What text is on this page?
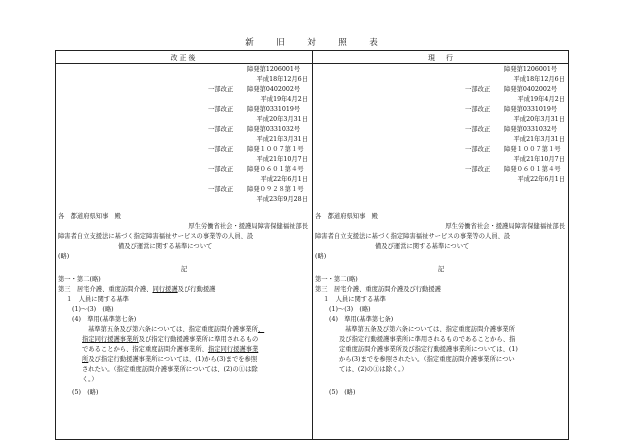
新　旧　対　照　表
改正後	現　行
障発第1206001号
平成18年12月6日
一部改正 障発第0402002号
平成19年4月2日
一部改正 障発第0331019号
平成20年3月31日
一部改正 障発第0331032号
平成21年3月31日
一部改正 障発１００７第１号
平成21年10月7日
一部改正 障発０６０１第４号
平成22年6月1日
一部改正 障発０９２８第１号
平成23年9月28日
各　都道府県知事　殿
厚生労働省社会・援護局障害保健福祉部長
障害者自立支援法に基づく指定障害福祉サービスの事業等の人員、設
備及び運営に関する基準について
(略)
記
第一・第二(略)
第三　居宅介護、重度訪問介護、同行援護及び行動援護
１　人員に関する基準
(1)～(3)　(略)
(4)　準用(基準第七条)
基準第五条及び第六条については、指定重度訪問介護事業所、
指定同行援護事業所及び指定行動援護事業所に準用されるもの
であることから、指定重度訪問介護事業所、指定同行援護事業
所及び指定行動援護事業所については、(1)から(3)までを参照
されたい。（指定重度訪問介護事業所については、(2)の①は除
く。）
(5)　(略)
障発第1206001号
平成18年12月6日
一部改正 障発第0402002号
平成19年4月2日
一部改正 障発第0331019号
平成20年3月31日
一部改正 障発第0331032号
平成21年3月31日
一部改正 障発１００７第１号
平成21年10月7日
一部改正 障発０６０１第４号
平成22年6月1日
各　都道府県知事　殿
厚生労働省社会・援護局障害保健福祉部長
障害者自立支援法に基づく指定障害福祉サービスの事業等の人員、設
備及び運営に関する基準について
(略)
記
第一・第二(略)
第三　居宅介護、重度訪問介護及び行動援護
１　人員に関する基準
(1)～(3)　(略)
(4)　準用(基準第七条)
基準第五条及び第六条については、指定重度訪問介護事業所
及び指定行動援護事業所に準用されるものであることから、指
定重度訪問介護事業所及び指定行動援護事業所については、(1)
から(3)までを参照されたい。（指定重度訪問介護事業所につい
ては、(2)の①は除く。）
(5)　(略)
